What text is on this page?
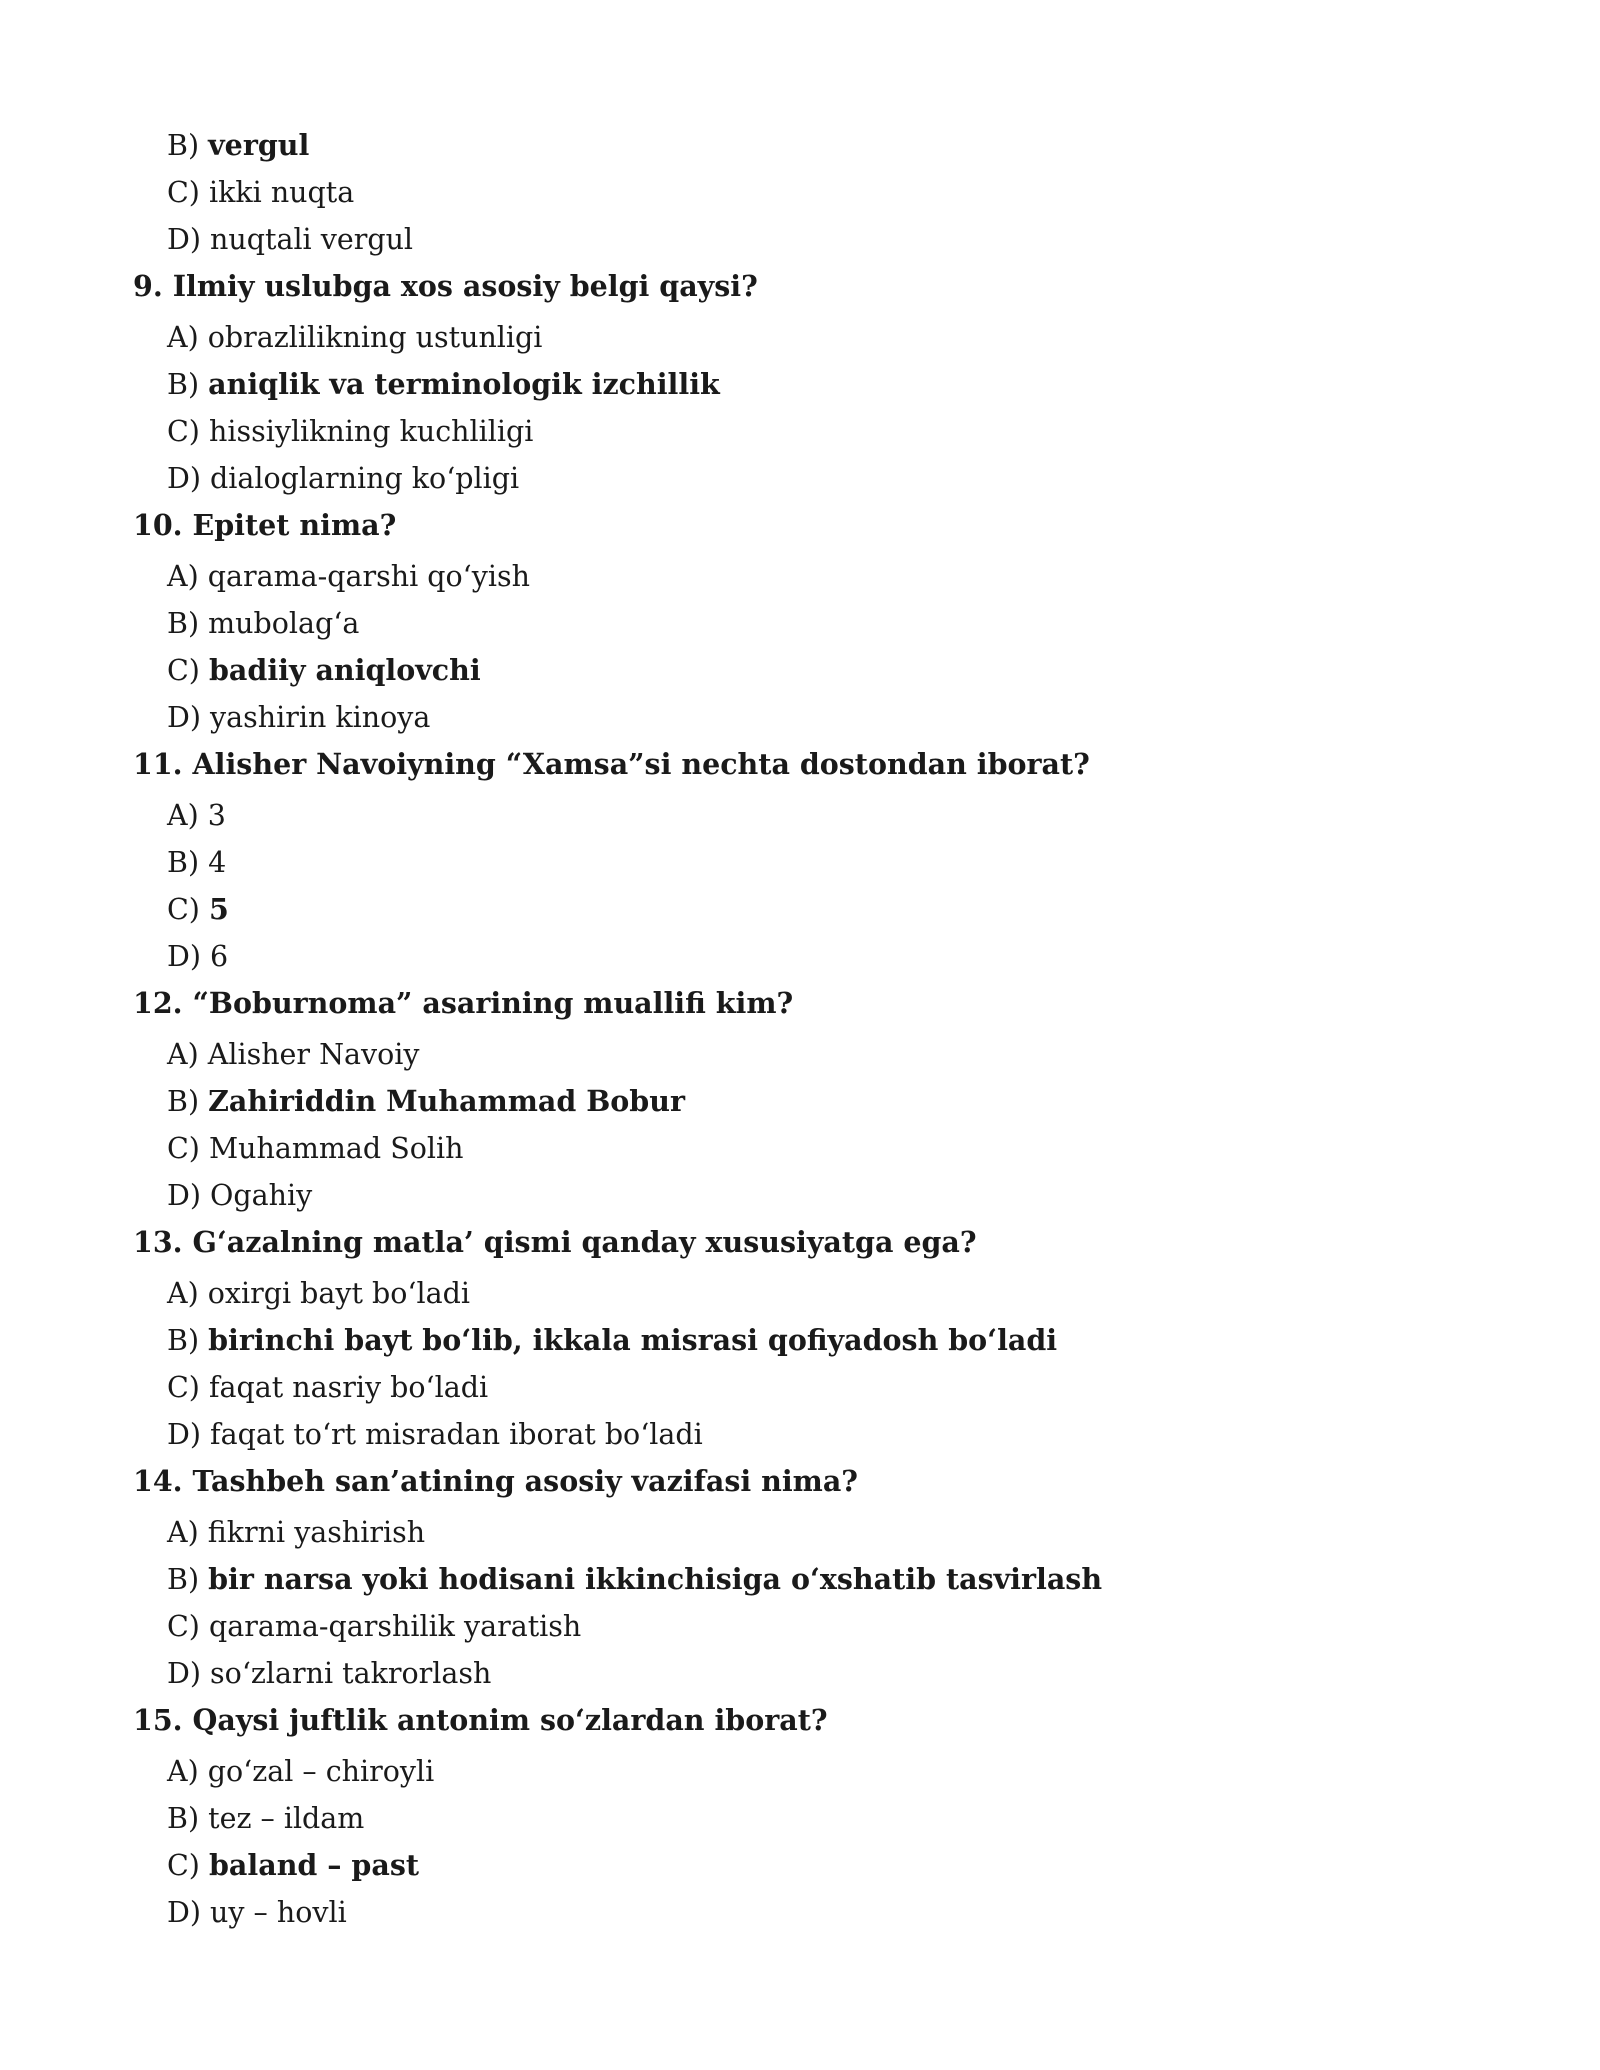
B) vergul
C) ikki nuqta
D) nuqtali vergul
9. Ilmiy uslubga xos asosiy belgi qaysi?
A) obrazlilikning ustunligi
B) aniqlik va terminologik izchillik
C) hissiylikning kuchliligi
D) dialoglarning ko‘pligi
10. Epitet nima?
A) qarama-qarshi qo‘yish
B) mubolag‘a
C) badiiy aniqlovchi
D) yashirin kinoya
11. Alisher Navoiyning “Xamsa”si nechta dostondan iborat?
A) 3
B) 4
C) 5
D) 6
12. “Boburnoma” asarining muallifi kim?
A) Alisher Navoiy
B) Zahiriddin Muhammad Bobur
C) Muhammad Solih
D) Ogahiy
13. G‘azalning matla’ qismi qanday xususiyatga ega?
A) oxirgi bayt bo‘ladi
B) birinchi bayt bo‘lib, ikkala misrasi qofiyadosh bo‘ladi
C) faqat nasriy bo‘ladi
D) faqat to‘rt misradan iborat bo‘ladi
14. Tashbeh san’atining asosiy vazifasi nima?
A) fikrni yashirish
B) bir narsa yoki hodisani ikkinchisiga o‘xshatib tasvirlash
C) qarama-qarshilik yaratish
D) so‘zlarni takrorlash
15. Qaysi juftlik antonim so‘zlardan iborat?
A) go‘zal – chiroyli
B) tez – ildam
C) baland – past
D) uy – hovli
